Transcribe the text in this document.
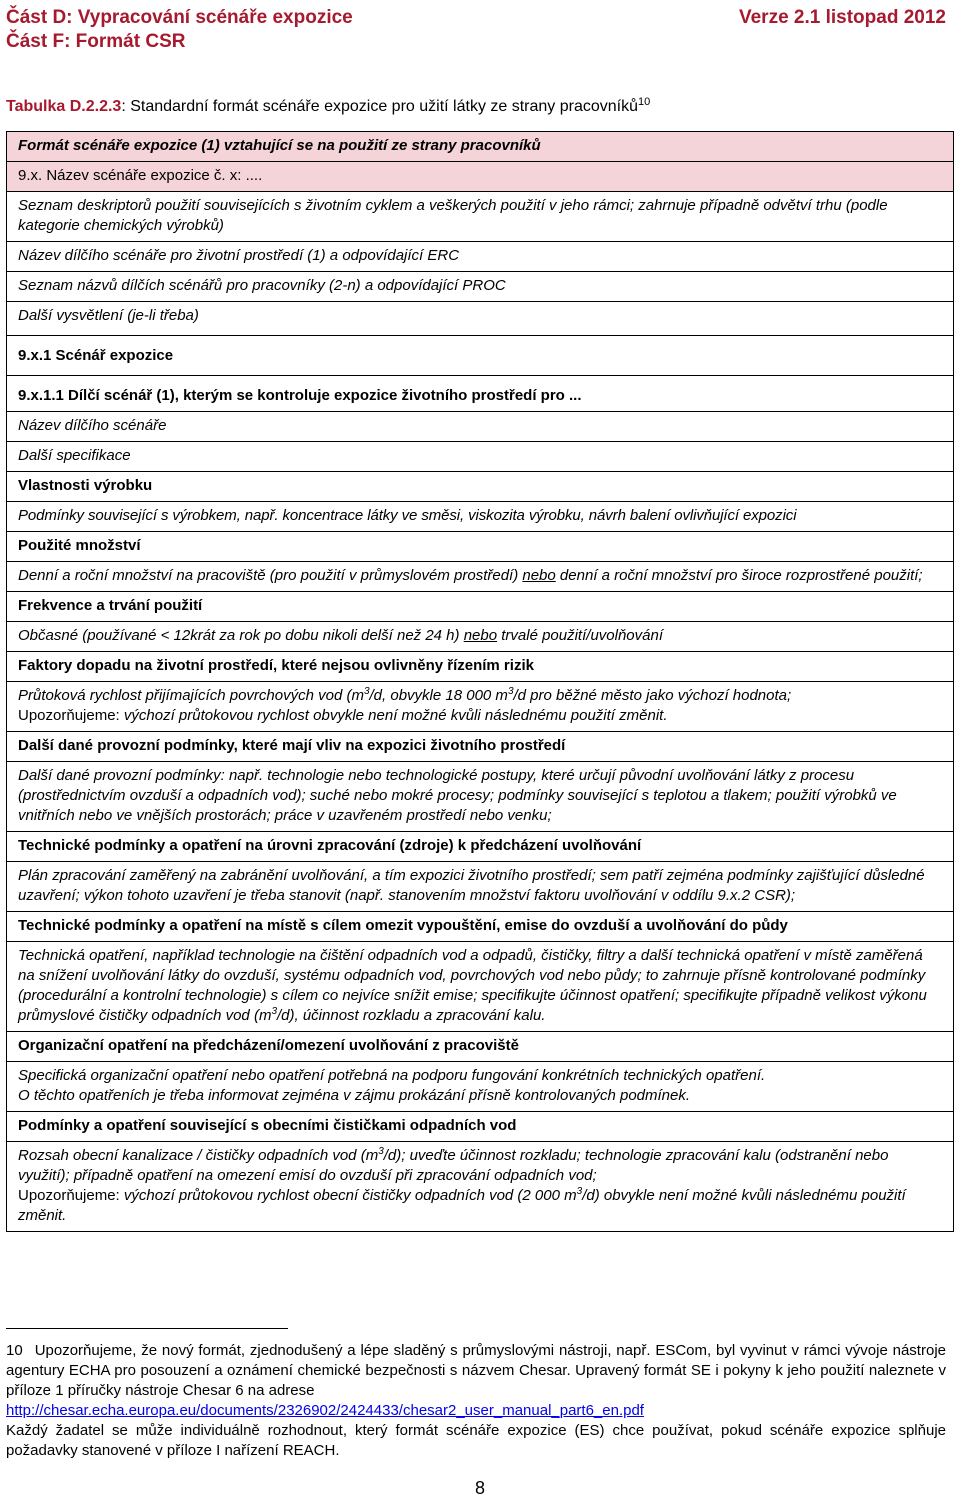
Část D: Vypracování scénáře expozice
Část F: Formát CSR
Verze 2.1 listopad 2012
Tabulka D.2.2.3: Standardní formát scénáře expozice pro užití látky ze strany pracovníků$^{10}$
Formát scénáře expozice (1) vztahující se na použití ze strany pracovníků
9.x. Název scénáře expozice č. x: ....
Seznam deskriptorů použití souvisejících s životním cyklem a veškerých použití v jeho rámci; zahrnuje případně odvětví trhu (podle kategorie chemických výrobků)
Název dílčího scénáře pro životní prostředí (1) a odpovídající ERC
Seznam názvů dílčích scénářů pro pracovníky (2-n) a odpovídající PROC
Další vysvětlení (je-li třeba)
9.x.1 Scénář expozice
9.x.1.1 Dílčí scénář (1), kterým se kontroluje expozice životního prostředí pro ...
Název dílčího scénáře
Další specifikace
Vlastnosti výrobku
Podmínky související s výrobkem, např. koncentrace látky ve směsi, viskozita výrobku, návrh balení ovlivňující expozici
Použité množství
Denní a roční množství na pracoviště (pro použití v průmyslovém prostředí) nebo denní a roční množství pro široce rozprostřené použití;
Frekvence a trvání použití
Občasné (používané < 12krát za rok po dobu nikoli delší než 24 h) nebo trvalé použití/uvolňování
Faktory dopadu na životní prostředí, které nejsou ovlivněny řízením rizik
Průtoková rychlost přijímajících povrchových vod ($m^3/d$, obvykle 18 000 $m^3/d$ pro běžné město jako výchozí hodnota;
Upozorňujeme: výchozí průtokovou rychlost obvykle není možné kvůli následnému použití změnit.
Další dané provozní podmínky, které mají vliv na expozici životního prostředí
Další dané provozní podmínky: např. technologie nebo technologické postupy, které určují původní uvolňování látky z procesu (prostřednictvím ovzduší a odpadních vod); suché nebo mokré procesy; podmínky související s teplotou a tlakem; použití výrobků ve vnitřních nebo ve vnějších prostorách; práce v uzavřeném prostředí nebo venku;
Technické podmínky a opatření na úrovni zpracování (zdroje) k předcházení uvolňování
Plán zpracování zaměřený na zabránění uvolňování, a tím expozici životního prostředí; sem patří zejména podmínky zajišťující důsledné uzavření; výkon tohoto uzavření je třeba stanovit (např. stanovením množství faktoru uvolňování v oddílu 9.x.2 CSR);
Technické podmínky a opatření na místě s cílem omezit vypouštění, emise do ovzduší a uvolňování do půdy
Technická opatření, například technologie na čištění odpadních vod a odpadů, čističky, filtry a další technická opatření v místě zaměřená na snížení uvolňování látky do ovzduší, systému odpadních vod, povrchových vod nebo půdy; to zahrnuje přísně kontrolované podmínky (procedurální a kontrolní technologie) s cílem co nejvíce snížit emise; specifikujte účinnost opatření; specifikujte případně velikost výkonu průmyslové čističky odpadních vod $(m^3/d)$, účinnost rozkladu a zpracování kalu.
Organizační opatření na předcházení/omezení uvolňování z pracoviště
Specifická organizační opatření nebo opatření potřebná na podporu fungování konkrétních technických opatření.
O těchto opatřeních je třeba informovat zejména v zájmu prokázání přísně kontrolovaných podmínek.
Podmínky a opatření související s obecními čističkami odpadních vod
Rozsah obecní kanalizace / čističky odpadních vod $(m^3/d)$; uveďte účinnost rozkladu; technologie zpracování kalu (odstranění nebo využití); případně opatření na omezení emisí do ovzduší při zpracování odpadních vod;
Upozorňujeme: výchozí průtokovou rychlost obecní čističky odpadních vod (2 000 $m^3/d$) obvykle není možné kvůli následnému použití změnit.
10 Upozorňujeme, že nový formát, zjednodušený a lépe sladěný s průmyslovými nástroji, např. ESCom, byl vyvinut v rámci vývoje nástroje agentury ECHA pro posouzení a oznámení chemické bezpečnosti s názvem Chesar. Upravený formát SE i pokyny k jeho použití naleznete v příloze 1 příručky nástroje Chesar 6 na adrese
http://chesar.echa.europa.eu/documents/2326902/2424433/chesar2_user_manual_part6_en.pdf
Každý žadatel se může individuálně rozhodnout, který formát scénáře expozice (ES) chce používat, pokud scénáře expozice splňuje požadavky stanovené v příloze I nařízení REACH.
8
